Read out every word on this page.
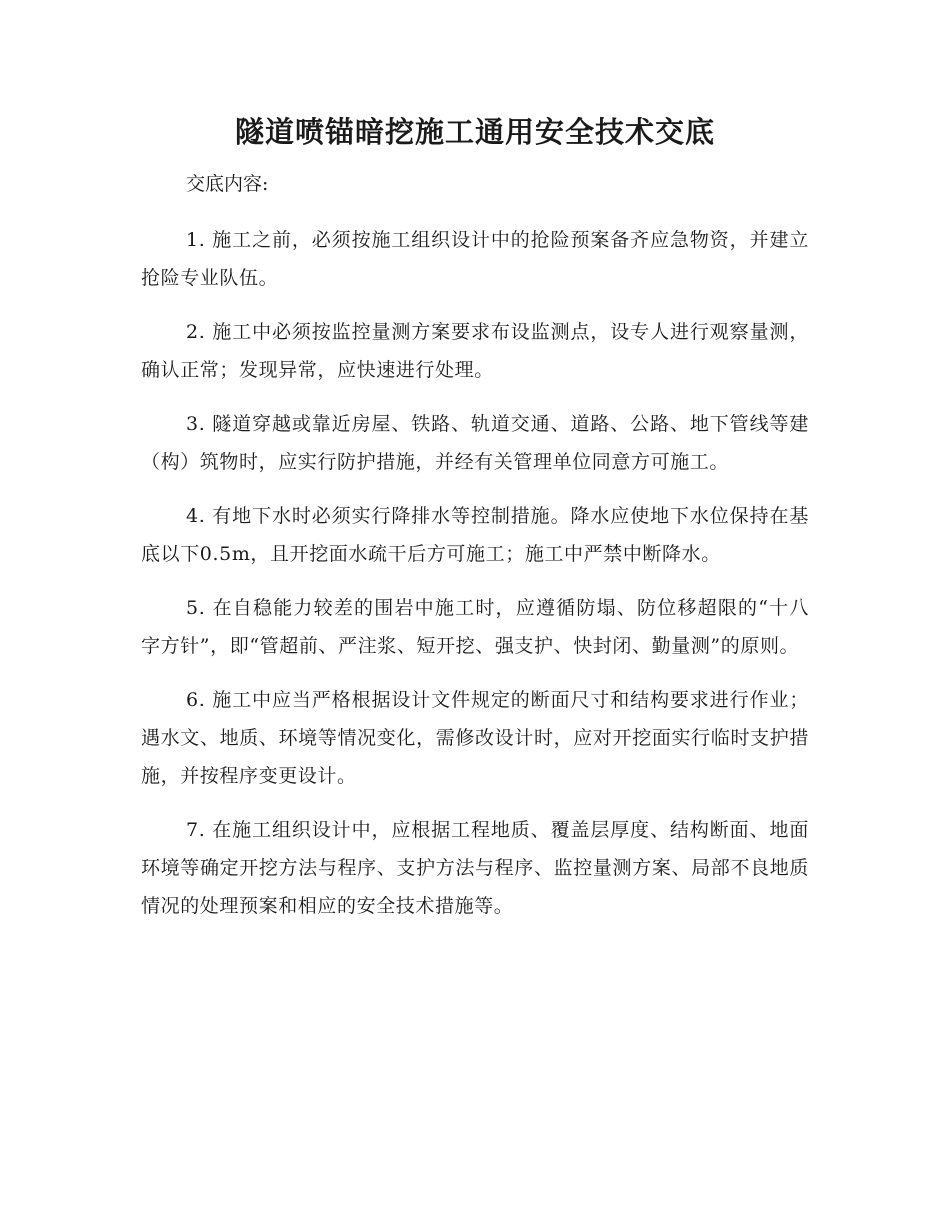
隧道喷锚暗挖施工通用安全技术交底
交底内容:

1. 施工之前，必须按施工组织设计中的抢险预案备齐应急物资，并建立抢险专业队伍。

2. 施工中必须按监控量测方案要求布设监测点，设专人进行观察量测，确认正常；发现异常，应快速进行处理。

3. 隧道穿越或靠近房屋、铁路、轨道交通、道路、公路、地下管线等建（构）筑物时，应实行防护措施，并经有关管理单位同意方可施工。

4. 有地下水时必须实行降排水等控制措施。降水应使地下水位保持在基底以下0.5m，且开挖面水疏干后方可施工；施工中严禁中断降水。

5. 在自稳能力较差的围岩中施工时，应遵循防塌、防位移超限的“十八字方针”，即“管超前、严注浆、短开挖、强支护、快封闭、勤量测”的原则。

6. 施工中应当严格根据设计文件规定的断面尺寸和结构要求进行作业；遇水文、地质、环境等情况变化，需修改设计时，应对开挖面实行临时支护措施，并按程序变更设计。

7. 在施工组织设计中，应根据工程地质、覆盖层厚度、结构断面、地面环境等确定开挖方法与程序、支护方法与程序、监控量测方案、局部不良地质情况的处理预案和相应的安全技术措施等。
